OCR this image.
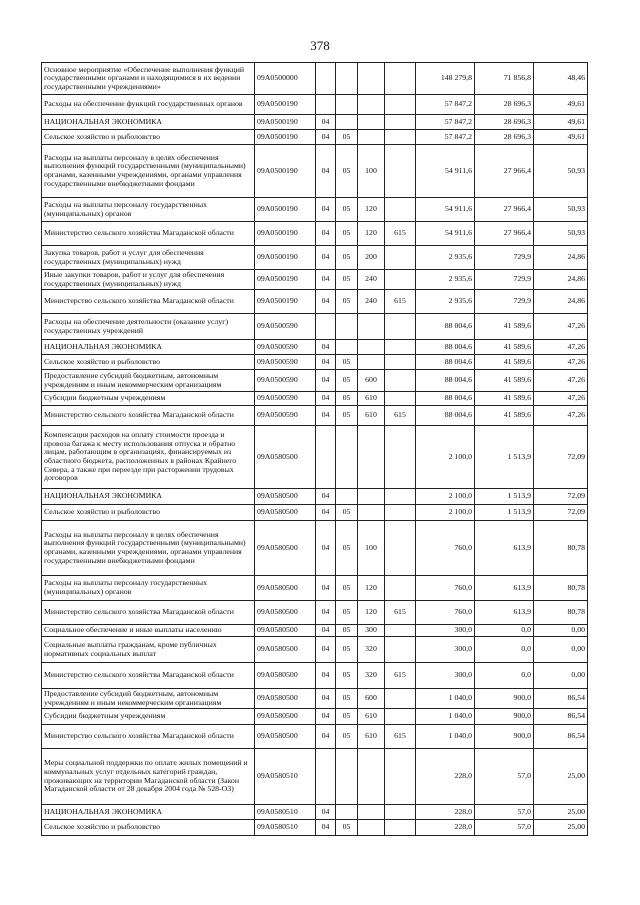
378
Основное мероприятие «Обеспечение выполнения функций государственными органами и находящимися в их ведении государственными учреждениями»	09А0500000					148 279,8	71 856,8	48,46
Расходы на обеспечение функций государственных органов	09А0500190					57 847,2	28 696,3	49,61
НАЦИОНАЛЬНАЯ ЭКОНОМИКА	09А0500190	04				57 847,2	28 696,3	49,61
Сельское хозяйство и рыболовство	09А0500190	04	05			57 847,2	28 696,3	49,61
Расходы на выплаты персоналу в целях обеспечения выполнения функций государственными (муниципальными) органами, казенными учреждениями, органами управления государственными внебюджетными фондами	09А0500190	04	05	100		54 911,6	27 966,4	50,93
Расходы на выплаты персоналу государственных (муниципальных) органов	09А0500190	04	05	120		54 911,6	27 966,4	50,93
Министерство сельского хозяйства Магаданской области	09А0500190	04	05	120	615	54 911,6	27 966,4	50,93
Закупка товаров, работ и услуг для обеспечения государственных (муниципальных) нужд	09А0500190	04	05	200		2 935,6	729,9	24,86
Иные закупки товаров, работ и услуг для обеспечения государственных (муниципальных) нужд	09А0500190	04	05	240		2 935,6	729,9	24,86
Министерство сельского хозяйства Магаданской области	09А0500190	04	05	240	615	2 935,6	729,9	24,86
Расходы на обеспечение деятельности (оказание услуг) государственных учреждений	09А0500590					88 004,6	41 589,6	47,26
НАЦИОНАЛЬНАЯ ЭКОНОМИКА	09А0500590	04				88 004,6	41 589,6	47,26
Сельское хозяйство и рыболовство	09А0500590	04	05			88 004,6	41 589,6	47,26
Предоставление субсидий бюджетным, автономным учреждениям и иным некоммерческим организациям	09А0500590	04	05	600		88 004,6	41 589,6	47,26
Субсидии бюджетным учреждениям	09А0500590	04	05	610		88 004,6	41 589,6	47,26
Министерство сельского хозяйства Магаданской области	09А0500590	04	05	610	615	88 004,6	41 589,6	47,26
Компенсация расходов на оплату стоимости проезда и провоза багажа к месту использования отпуска и обратно лицам, работающим в организациях, финансируемых из областного бюджета, расположенных в районах Крайнего Севера, а также при переезде при расторжении трудовых договоров	09А0580500					2 100,0	1 513,9	72,09
НАЦИОНАЛЬНАЯ ЭКОНОМИКА	09А0580500	04				2 100,0	1 513,9	72,09
Сельское хозяйство и рыболовство	09А0580500	04	05			2 100,0	1 513,9	72,09
Расходы на выплаты персоналу в целях обеспечения выполнения функций государственными (муниципальными) органами, казенными учреждениями, органами управления государственными внебюджетными фондами	09А0580500	04	05	100		760,0	613,9	80,78
Расходы на выплаты персоналу государственных (муниципальных) органов	09А0580500	04	05	120		760,0	613,9	80,78
Министерство сельского хозяйства Магаданской области	09А0580500	04	05	120	615	760,0	613,9	80,78
Социальное обеспечение и иные выплаты населению	09А0580500	04	05	300		300,0	0,0	0,00
Социальные выплаты гражданам, кроме публичных нормативных социальных выплат	09А0580500	04	05	320		300,0	0,0	0,00
Министерство сельского хозяйства Магаданской области	09А0580500	04	05	320	615	300,0	0,0	0,00
Предоставление субсидий бюджетным, автономным учреждениям и иным некоммерческим организациям	09А0580500	04	05	600		1 040,0	900,0	86,54
Субсидии бюджетным учреждениям	09А0580500	04	05	610		1 040,0	900,0	86,54
Министерство сельского хозяйства Магаданской области	09А0580500	04	05	610	615	1 040,0	900,0	86,54
Меры социальной поддержки по оплате жилых помещений и коммунальных услуг отдельных категорий граждан, проживающих на территории Магаданской области (Закон Магаданской области от 28 декабря 2004 года № 528-ОЗ)	09А0580510					228,0	57,0	25,00
НАЦИОНАЛЬНАЯ ЭКОНОМИКА	09А0580510	04				228,0	57,0	25,00
Сельское хозяйство и рыболовство	09А0580510	04	05			228,0	57,0	25,00
